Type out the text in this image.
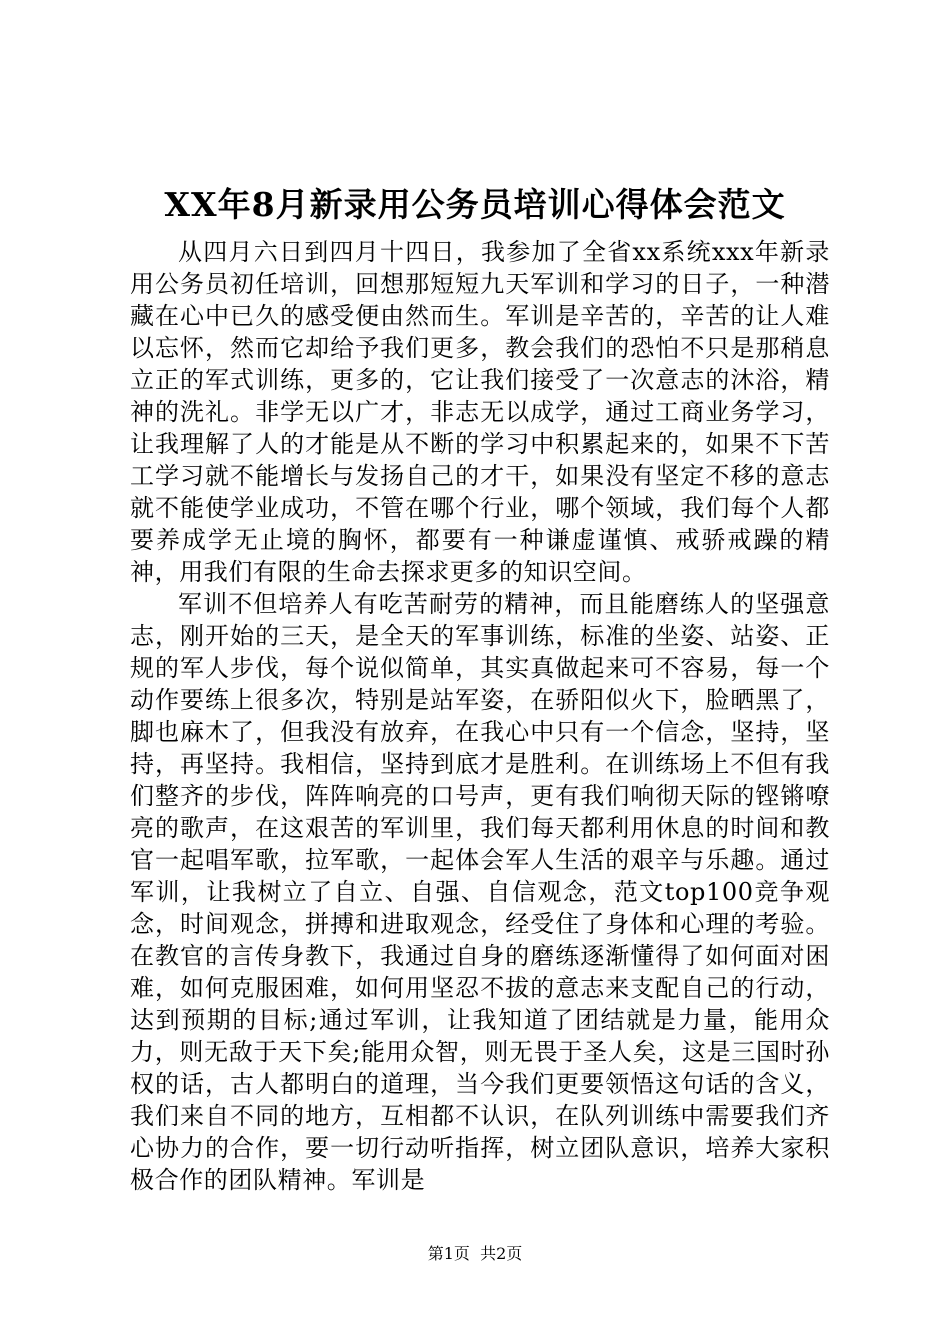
XX年8月新录用公务员培训心得体会范文

从四月六日到四月十四日，我参加了全省xx系统xxx年新录用公务员初任培训，回想那短短九天军训和学习的日子，一种潜藏在心中已久的感受便由然而生。军训是辛苦的，辛苦的让人难以忘怀，然而它却给予我们更多，教会我们的恐怕不只是那稍息立正的军式训练，更多的，它让我们接受了一次意志的沐浴，精神的洗礼。非学无以广才，非志无以成学，通过工商业务学习，让我理解了人的才能是从不断的学习中积累起来的，如果不下苦工学习就不能增长与发扬自己的才干，如果没有坚定不移的意志就不能使学业成功，不管在哪个行业，哪个领域，我们每个人都要养成学无止境的胸怀，都要有一种谦虚谨慎、戒骄戒躁的精神，用我们有限的生命去探求更多的知识空间。

军训不但培养人有吃苦耐劳的精神，而且能磨练人的坚强意志，刚开始的三天，是全天的军事训练，标准的坐姿、站姿、正规的军人步伐，每个说似简单，其实真做起来可不容易，每一个动作要练上很多次，特别是站军姿，在骄阳似火下，脸晒黑了，脚也麻木了，但我没有放弃，在我心中只有一个信念，坚持，坚持，再坚持。我相信，坚持到底才是胜利。在训练场上不但有我们整齐的步伐，阵阵响亮的口号声，更有我们响彻天际的铿锵嘹亮的歌声，在这艰苦的军训里，我们每天都利用休息的时间和教官一起唱军歌，拉军歌，一起体会军人生活的艰辛与乐趣。通过军训，让我树立了自立、自强、自信观念，范文top100竞争观念，时间观念，拼搏和进取观念，经受住了身体和心理的考验。在教官的言传身教下，我通过自身的磨练逐渐懂得了如何面对困难，如何克服困难，如何用坚忍不拔的意志来支配自己的行动，达到预期的目标;通过军训，让我知道了团结就是力量，能用众力，则无敌于天下矣;能用众智，则无畏于圣人矣，这是三国时孙权的话，古人都明白的道理，当今我们更要领悟这句话的含义，我们来自不同的地方，互相都不认识，在队列训练中需要我们齐心协力的合作，要一切行动听指挥，树立团队意识，培养大家积极合作的团队精神。军训是

第1页  共2页
